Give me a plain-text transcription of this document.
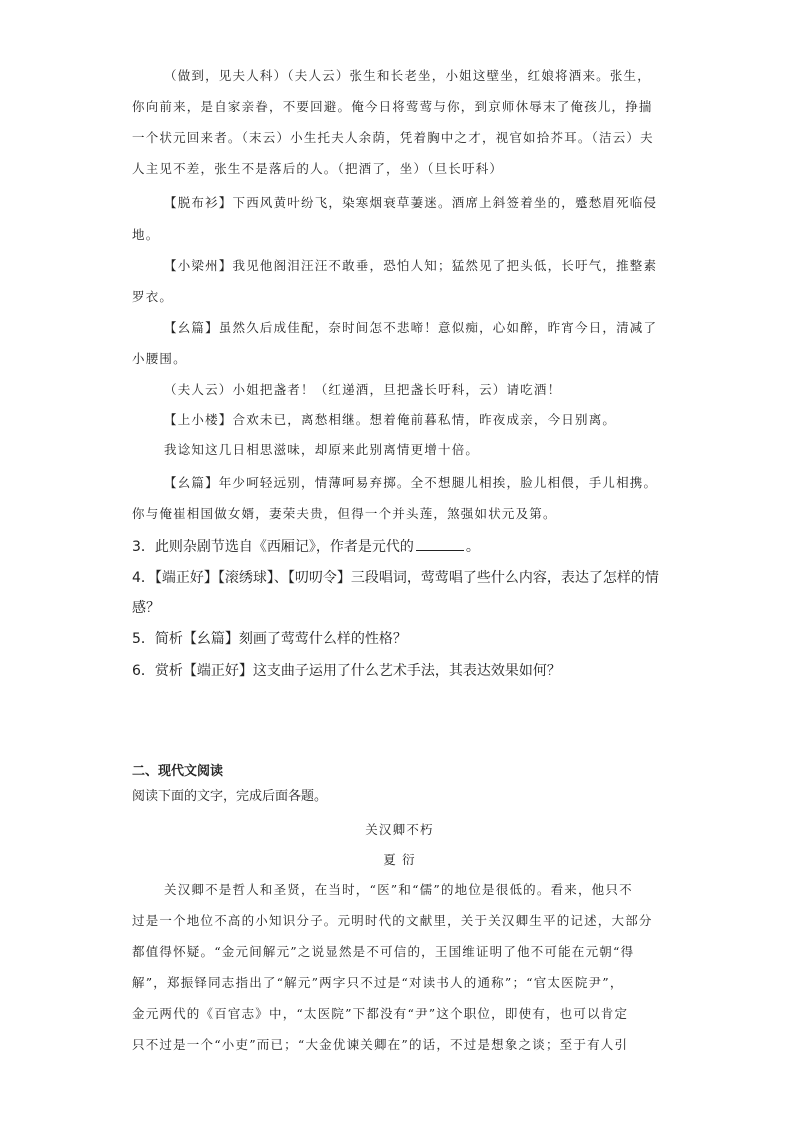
（做到，见夫人科）（夫人云）张生和长老坐，小姐这壁坐，红娘将酒来。张生，
你向前来，是自家亲眷，不要回避。俺今日将莺莺与你，到京师休辱末了俺孩儿，挣揣
一个状元回来者。（末云）小生托夫人余荫，凭着胸中之才，视官如拾芥耳。（洁云）夫
人主见不差，张生不是落后的人。（把酒了，坐）（旦长吁科）
【脱布衫】下西风黄叶纷飞，染寒烟衰草萋迷。酒席上斜签着坐的，蹙愁眉死临侵
地。
【小梁州】我见他阁泪汪汪不敢垂，恐怕人知；猛然见了把头低，长吁气，推整素
罗衣。
【幺篇】虽然久后成佳配，奈时间怎不悲啼！意似痴，心如醉，昨宵今日，清减了
小腰围。
（夫人云）小姐把盏者！（红递酒，旦把盏长吁科，云）请吃酒！
【上小楼】合欢未已，离愁相继。想着俺前暮私情，昨夜成亲，今日别离。
我谂知这几日相思滋味，却原来此别离情更增十倍。
【幺篇】年少呵轻远别，情薄呵易弃掷。全不想腿儿相挨，脸儿相偎，手儿相携。
你与俺崔相国做女婿，妻荣夫贵，但得一个并头莲，煞强如状元及第。
3．此则杂剧节选自《西厢记》，作者是元代的	。
4．【端正好】【滚绣球】、【叨叨令】三段唱词，莺莺唱了些什么内容，表达了怎样的情
感？
5．简析【幺篇】刻画了莺莺什么样的性格？
6．赏析【端正好】这支曲子运用了什么艺术手法，其表达效果如何？
二、现代文阅读
阅读下面的文字，完成后面各题。
关汉卿不朽
夏 衍
关汉卿不是哲人和圣贤，在当时，“医”和“儒”的地位是很低的。看来，他只不
过是一个地位不高的小知识分子。元明时代的文献里，关于关汉卿生平的记述，大部分
都值得怀疑。“金元间解元”之说显然是不可信的，王国维证明了他不可能在元朝“得
解”，郑振铎同志指出了“解元”两字只不过是“对读书人的通称”；“官太医院尹”，
金元两代的《百官志》中，“太医院”下都没有“尹”这个职位，即使有，也可以肯定
只不过是一个“小吏”而已；“大金优谏关卿在”的话，不过是想象之谈；至于有人引
